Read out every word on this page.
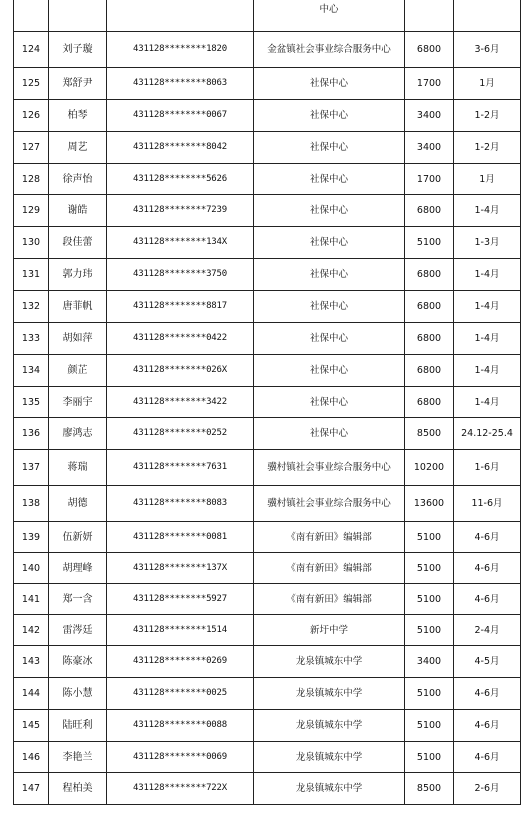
			中心		
124	刘子璇	431128********1820	金盆镇社会事业综合服务中心	6800	3-6月
125	郑舒尹	431128********8063	社保中心	1700	1月
126	柏琴	431128********0067	社保中心	3400	1-2月
127	周艺	431128********8042	社保中心	3400	1-2月
128	徐声怡	431128********5626	社保中心	1700	1月
129	谢皓	431128********7239	社保中心	6800	1-4月
130	段佳蕾	431128********134X	社保中心	5100	1-3月
131	郭力玮	431128********3750	社保中心	6800	1-4月
132	唐菲帆	431128********8817	社保中心	6800	1-4月
133	胡如萍	431128********0422	社保中心	6800	1-4月
134	颜芷	431128********026X	社保中心	6800	1-4月
135	李丽宇	431128********3422	社保中心	6800	1-4月
136	廖鸿志	431128********0252	社保中心	8500	24.12-25.4
137	蒋瑞	431128********7631	骥村镇社会事业综合服务中心	10200	1-6月
138	胡德	431128********8083	骥村镇社会事业综合服务中心	13600	11-6月
139	伍新妍	431128********0081	《南有新田》编辑部	5100	4-6月
140	胡理峰	431128********137X	《南有新田》编辑部	5100	4-6月
141	郑一含	431128********5927	《南有新田》编辑部	5100	4-6月
142	雷涔廷	431128********1514	新圩中学	5100	2-4月
143	陈豪冰	431128********0269	龙泉镇城东中学	3400	4-5月
144	陈小慧	431128********0025	龙泉镇城东中学	5100	4-6月
145	陆旺利	431128********0088	龙泉镇城东中学	5100	4-6月
146	李艳兰	431128********0069	龙泉镇城东中学	5100	4-6月
147	程柏美	431128********722X	龙泉镇城东中学	8500	2-6月
